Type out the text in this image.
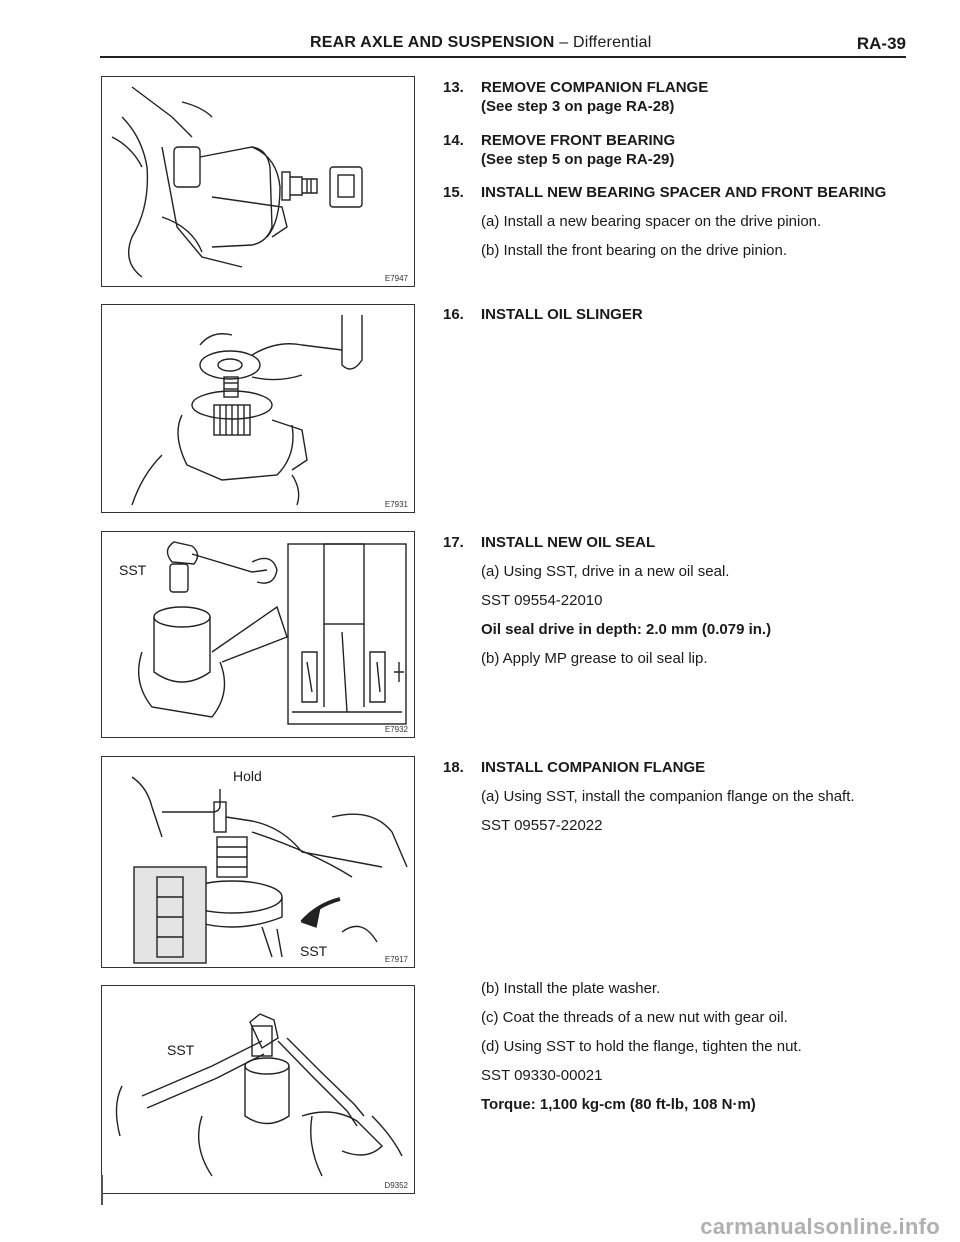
REAR AXLE AND SUSPENSION – Differential	RA-39
E7947
E7931
SST
E7932
Hold
SST
E7917
SST
D9352
13.	REMOVE COMPANION FLANGE
(See step 3 on page RA-28)
14.	REMOVE FRONT BEARING
(See step 5 on page RA-29)
15.	INSTALL NEW BEARING SPACER AND FRONT BEARING
(a) Install a new bearing spacer on the drive pinion.
(b) Install the front bearing on the drive pinion.
16.	INSTALL OIL SLINGER
17.	INSTALL NEW OIL SEAL
(a) Using SST, drive in a new oil seal.
SST 09554-22010
Oil seal drive in depth: 2.0 mm (0.079 in.)
(b) Apply MP grease to oil seal lip.
18.	INSTALL COMPANION FLANGE
(a) Using SST, install the companion flange on the shaft.
SST 09557-22022
(b) Install the plate washer.
(c) Coat the threads of a new nut with gear oil.
(d) Using SST to hold the flange, tighten the nut.
SST 09330-00021
Torque: 1,100 kg-cm (80 ft-lb, 108 N·m)
carmanualsonline.info
